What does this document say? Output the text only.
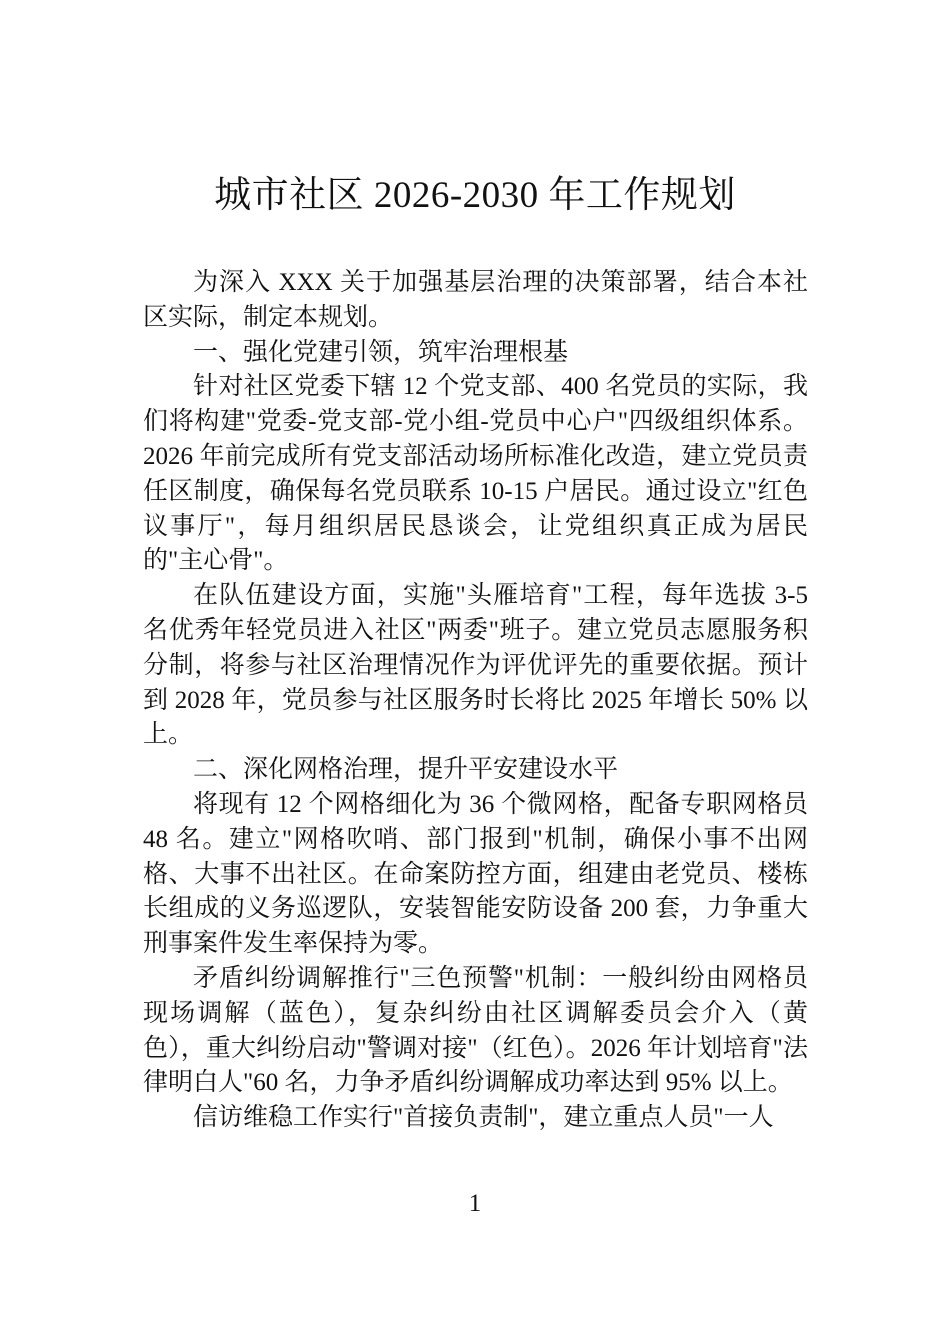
城市社区 2026-2030 年工作规划

为深入 XXX 关于加强基层治理的决策部署，结合本社区实际，制定本规划。

一、强化党建引领，筑牢治理根基

针对社区党委下辖 12 个党支部、400 名党员的实际，我们将构建"党委-党支部-党小组-党员中心户"四级组织体系。2026 年前完成所有党支部活动场所标准化改造，建立党员责任区制度，确保每名党员联系 10-15 户居民。通过设立"红色议事厅"，每月组织居民恳谈会，让党组织真正成为居民的"主心骨"。

在队伍建设方面，实施"头雁培育"工程，每年选拔 3-5 名优秀年轻党员进入社区"两委"班子。建立党员志愿服务积分制，将参与社区治理情况作为评优评先的重要依据。预计到 2028 年，党员参与社区服务时长将比 2025 年增长 50% 以上。

二、深化网格治理，提升平安建设水平

将现有 12 个网格细化为 36 个微网格，配备专职网格员 48 名。建立"网格吹哨、部门报到"机制，确保小事不出网格、大事不出社区。在命案防控方面，组建由老党员、楼栋长组成的义务巡逻队，安装智能安防设备 200 套，力争重大刑事案件发生率保持为零。

矛盾纠纷调解推行"三色预警"机制：一般纠纷由网格员现场调解（蓝色），复杂纠纷由社区调解委员会介入（黄色），重大纠纷启动"警调对接"（红色）。2026 年计划培育"法律明白人"60 名，力争矛盾纠纷调解成功率达到 95% 以上。

信访维稳工作实行"首接负责制"，建立重点人员"一人

1
